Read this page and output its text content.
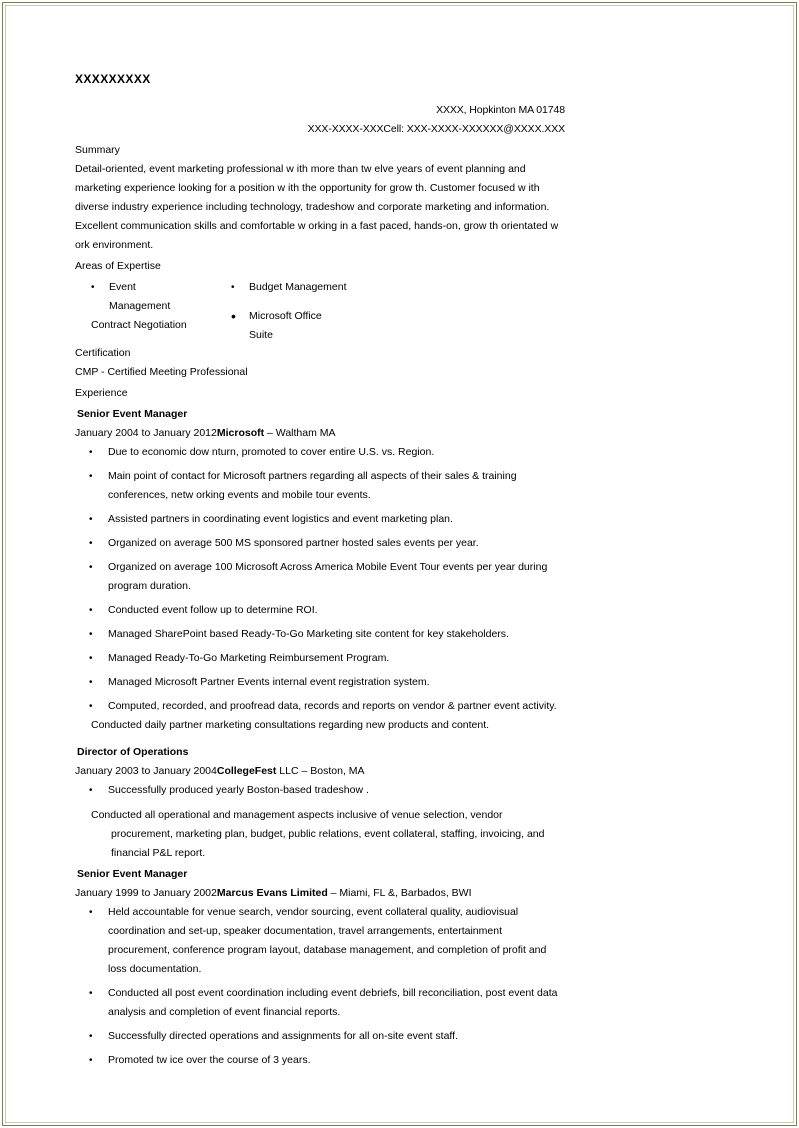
XXXXXXXXX
XXXX, Hopkinton MA 01748
XXX-XXXX-XXXCell: XXX-XXXX-XXXXXX@XXXX.XXX
Summary
Detail-oriented, event marketing professional w ith more than tw elve years of event planning and marketing experience looking for a position w ith the opportunity for grow th. Customer focused w ith diverse industry experience including technology, tradeshow and corporate marketing and information. Excellent communication skills and comfortable w orking in a fast paced, hands-on, grow th orientated w ork environment.
Areas of Expertise
• Event
Management
Contract Negotiation
• Budget Management
• Microsoft Office
Suite
Certification
CMP - Certified Meeting Professional
Experience
Senior Event Manager
January 2004 to January 2012Microsoft – Waltham MA
• Due to economic dow nturn, promoted to cover entire U.S. vs. Region.
• Main point of contact for Microsoft partners regarding all aspects of their sales & training conferences, netw orking events and mobile tour events.
• Assisted partners in coordinating event logistics and event marketing plan.
• Organized on average 500 MS sponsored partner hosted sales events per year.
• Organized on average 100 Microsoft Across America Mobile Event Tour events per year during program duration.
• Conducted event follow up to determine ROI.
• Managed SharePoint based Ready-To-Go Marketing site content for key stakeholders.
• Managed Ready-To-Go Marketing Reimbursement Program.
• Managed Microsoft Partner Events internal event registration system.
• Computed, recorded, and proofread data, records and reports on vendor & partner event activity.
Conducted daily partner marketing consultations regarding new products and content.
Director of Operations
January 2003 to January 2004CollegeFest LLC – Boston, MA
• Successfully produced yearly Boston-based tradeshow .
Conducted all operational and management aspects inclusive of venue selection, vendor procurement, marketing plan, budget, public relations, event collateral, staffing, invoicing, and financial P&L report.
Senior Event Manager
January 1999 to January 2002Marcus Evans Limited – Miami, FL &, Barbados, BWI
• Held accountable for venue search, vendor sourcing, event collateral quality, audiovisual coordination and set-up, speaker documentation, travel arrangements, entertainment procurement, conference program layout, database management, and completion of profit and loss documentation.
• Conducted all post event coordination including event debriefs, bill reconciliation, post event data analysis and completion of event financial reports.
• Successfully directed operations and assignments for all on-site event staff.
• Promoted tw ice over the course of 3 years.
